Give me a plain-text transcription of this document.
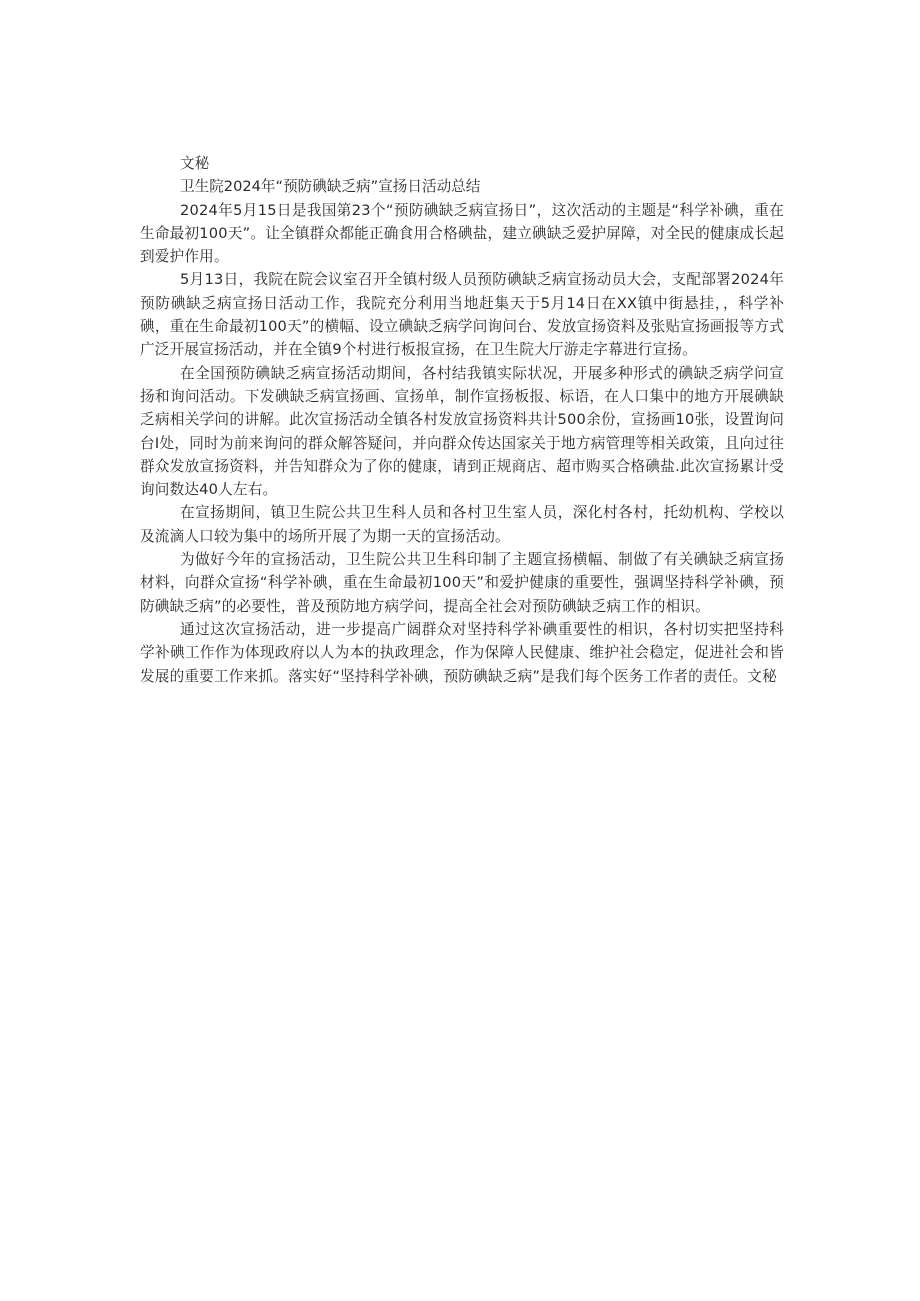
文秘

卫生院2024年“预防碘缺乏病”宣扬日活动总结

2024年5月15日是我国第23个“预防碘缺乏病宣扬日”，这次活动的主题是“科学补碘，重在生命最初100天”。让全镇群众都能正确食用合格碘盐，建立碘缺乏爱护屏障，对全民的健康成长起到爱护作用。

5月13日，我院在院会议室召开全镇村级人员预防碘缺乏病宣扬动员大会，支配部署2024年预防碘缺乏病宣扬日活动工作，我院充分利用当地赶集天于5月14日在XX镇中街悬挂，，科学补碘，重在生命最初100天”的横幅、设立碘缺乏病学问询问台、发放宣扬资料及张贴宣扬画报等方式广泛开展宣扬活动，并在全镇9个村进行板报宣扬，在卫生院大厅游走字幕进行宣扬。

在全国预防碘缺乏病宣扬活动期间，各村结我镇实际状况，开展多种形式的碘缺乏病学问宣扬和询问活动。下发碘缺乏病宣扬画、宣扬单，制作宣扬板报、标语，在人口集中的地方开展碘缺乏病相关学问的讲解。此次宣扬活动全镇各村发放宣扬资料共计500余份，宣扬画10张，设置询问台I处，同时为前来询问的群众解答疑问，并向群众传达国家关于地方病管理等相关政策，且向过往群众发放宣扬资料，并告知群众为了你的健康，请到正规商店、超市购买合格碘盐.此次宣扬累计受询问数达40人左右。

在宣扬期间，镇卫生院公共卫生科人员和各村卫生室人员，深化村各村，托幼机构、学校以及流滴人口较为集中的场所开展了为期一天的宣扬活动。

为做好今年的宣扬活动，卫生院公共卫生科印制了主题宣扬横幅、制做了有关碘缺乏病宣扬材料，向群众宣扬“科学补碘，重在生命最初100天”和爱护健康的重要性，强调坚持科学补碘，预防碘缺乏病”的必要性，普及预防地方病学问，提高全社会对预防碘缺乏病工作的相识。

通过这次宣扬活动，进一步提高广阔群众对坚持科学补碘重要性的相识，各村切实把坚持科学补碘工作作为体现政府以人为本的执政理念，作为保障人民健康、维护社会稳定，促进社会和皆发展的重要工作来抓。落实好“坚持科学补碘，预防碘缺乏病”是我们每个医务工作者的责任。文秘
